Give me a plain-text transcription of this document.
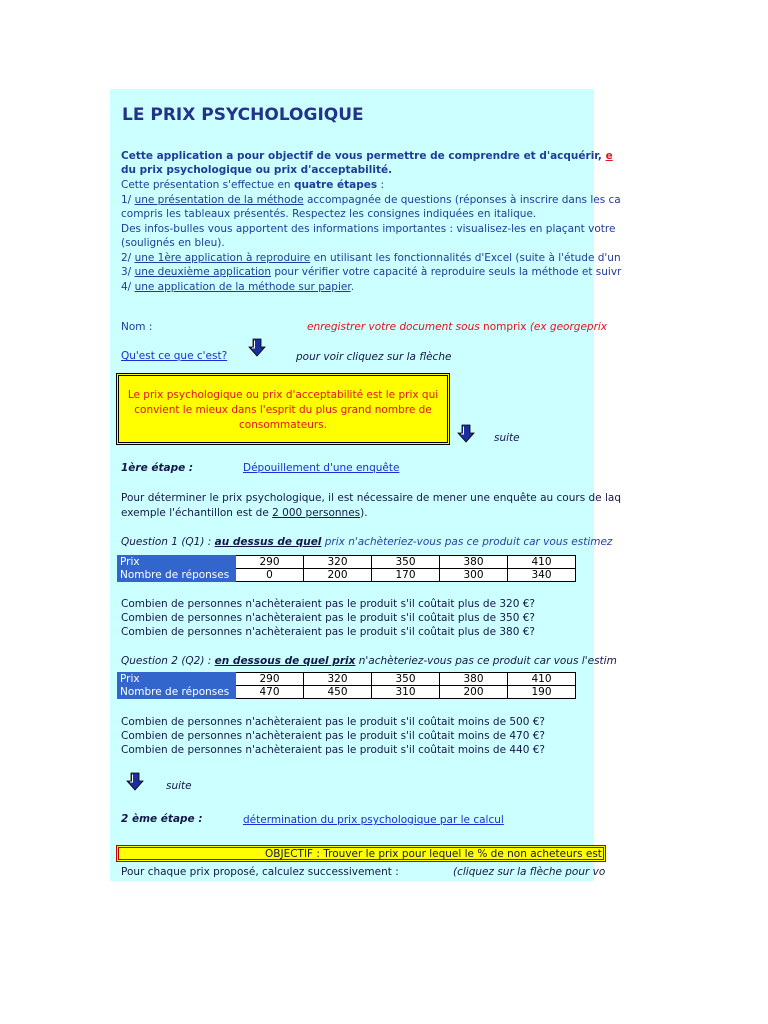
LE PRIX PSYCHOLOGIQUE
Cette application a pour objectif de vous permettre de comprendre et d'acquérir, e
du prix psychologique ou prix d'acceptabilité.
Cette présentation s'effectue en quatre étapes :
1/ une présentation de la méthode accompagnée de questions (réponses à inscrire dans les ca
compris les tableaux présentés. Respectez les consignes indiquées en italique.
Des infos-bulles vous apportent des informations importantes : visualisez-les en plaçant votre
(soulignés en bleu).
2/ une 1ère application à reproduire en utilisant les fonctionnalités d'Excel (suite à l'étude d'un
3/ une deuxième application pour vérifier votre capacité à reproduire seuls la méthode et suivr
4/ une application de la méthode sur papier.
Nom :	enregistrer votre document sous nomprix (ex georgeprix
Qu'est ce que c'est?	pour voir cliquez sur la flèche
Le prix psychologique ou prix d'acceptabilité est le prix qui convient le mieux dans l'esprit du plus grand nombre de consommateurs.
suite
1ère étape :	Dépouillement d'une enquête
Pour déterminer le prix psychologique, il est nécessaire de mener une enquête au cours de laq
exemple l'échantillon est de 2 000 personnes).
Question 1 (Q1) : au dessus de quel prix n'achèteriez-vous pas ce produit car vous estimez
Prix	290	320	350	380	410
Nombre de réponses	0	200	170	300	340
Combien de personnes n'achèteraient pas le produit s'il coûtait plus de 320 €?
Combien de personnes n'achèteraient pas le produit s'il coûtait plus de 350 €?
Combien de personnes n'achèteraient pas le produit s'il coûtait plus de 380 €?
Question 2 (Q2) : en dessous de quel prix n'achèteriez-vous pas ce produit car vous l'estim
Prix	290	320	350	380	410
Nombre de réponses	470	450	310	200	190
Combien de personnes n'achèteraient pas le produit s'il coûtait moins de 500 €?
Combien de personnes n'achèteraient pas le produit s'il coûtait moins de 470 €?
Combien de personnes n'achèteraient pas le produit s'il coûtait moins de 440 €?
suite
2 ème étape :	détermination du prix psychologique par le calcul
OBJECTIF : Trouver le prix pour lequel le % de non acheteurs est
Pour chaque prix proposé, calculez successivement :	(cliquez sur la flèche pour vo
